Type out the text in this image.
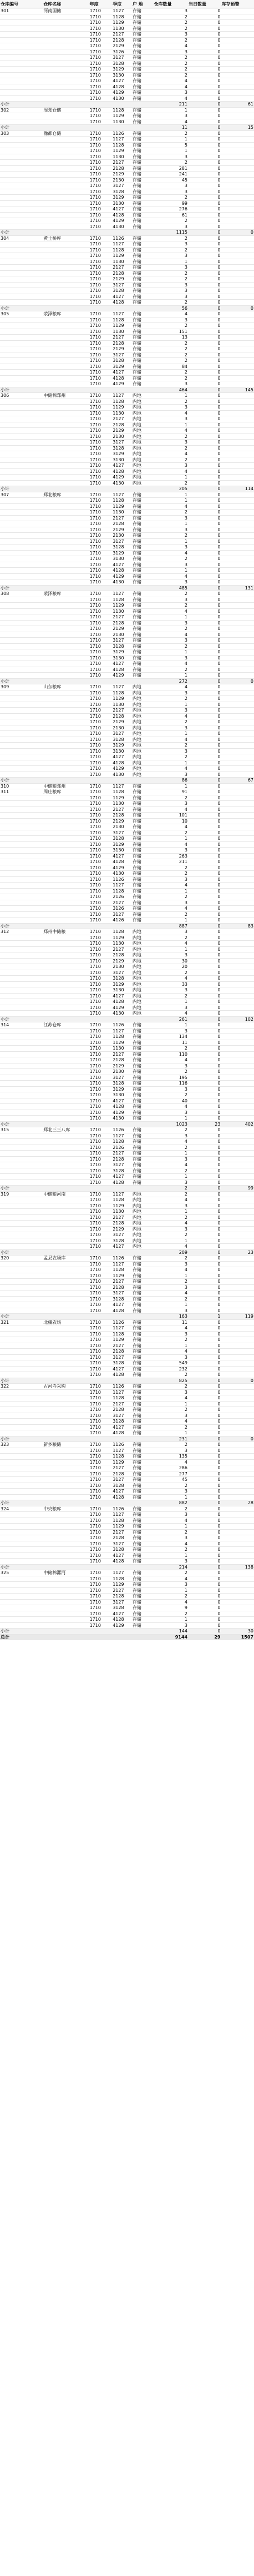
仓库编号		仓库名称	年度	季度	户 地	仓库数量	当日数量	库存预警
301		河南国储	1710	1127	存储	3	0	
			1710	1128	存储	2	0	
			1710	1129	存储	2	0	
			1710	1130	存储	2	0	
			1710	2127	存储	3	0	
			1710	2128	存储	2	0	
			1710	2129	存储	4	0	
			1710	3126	存储	3	0	
			1710	3127	存储	2	0	
			1710	3128	存储	2	0	
			1710	3129	存储	2	0	
			1710	3130	存储	2	0	
			1710	4127	存储	4	0	
			1710	4128	存储	4	0	
			1710	4129	存储	3	0	
			1710	4130	存储	4	0	
小计						211	0	61
302		周郑仓储	1710	1128	存储	1	0	
			1710	1129	存储	3	0	
			1710	1130	存储	4	0	
小计						11	0	15
303		豫都仓储	1710	1126	存储	2	0	
			1710	1127	存储	1	0	
			1710	1128	存储	5	0	
			1710	1129	存储	1	0	
			1710	1130	存储	3	0	
			1710	2127	存储	2	0	
			1710	2128	存储	281	0	
			1710	2129	存储	241	0	
			1710	2130	存储	45	0	
			1710	3127	存储	3	0	
			1710	3128	存储	3	0	
			1710	3129	存储	2	0	
			1710	3130	存储	99	0	
			1710	4127	存储	276	0	
			1710	4128	存储	61	0	
			1710	4129	存储	2	0	
			1710	4130	存储	3	0	
小计						1115	0	0
304		黄土桥库	1710	1126	存储	2	0	
			1710	1127	存储	3	0	
			1710	1128	存储	2	0	
			1710	1129	存储	3	0	
			1710	1130	存储	1	0	
			1710	2127	存储	3	0	
			1710	2128	存储	2	0	
			1710	2129	存储	2	0	
			1710	3127	存储	3	0	
			1710	3128	存储	3	0	
			1710	4127	存储	3	0	
			1710	4128	存储	2	0	
小计						56	0	0
305		荥泽粮库	1710	1127	存储	4	0	
			1710	1128	存储	3	0	
			1710	1129	存储	2	0	
			1710	1130	存储	151	0	
			1710	2127	存储	13	0	
			1710	2128	存储	2	0	
			1710	2129	存储	2	0	
			1710	3127	存储	2	0	
			1710	3128	存储	2	0	
			1710	3129	存储	84	0	
			1710	4127	存储	2	0	
			1710	4128	存储	2	0	
			1710	4129	存储	3	0	
小计						464	0	145
306		中储棉郑州	1710	1127	内地	1	0	
			1710	1128	内地	2	0	
			1710	1129	内地	3	0	
			1710	1130	内地	4	0	
			1710	2127	内地	3	0	
			1710	2128	内地	1	0	
			1710	2129	内地	4	0	
			1710	2130	内地	2	0	
			1710	3127	内地	3	0	
			1710	3128	内地	2	0	
			1710	3129	内地	4	0	
			1710	3130	内地	2	0	
			1710	4127	内地	3	0	
			1710	4128	内地	4	0	
			1710	4129	内地	1	0	
			1710	4130	内地	2	0	
小计						205	0	114
307		郑北粮库	1710	1127	存储	1	0	
			1710	1128	存储	1	0	
			1710	1129	存储	4	0	
			1710	1130	存储	2	0	
			1710	2127	存储	3	0	
			1710	2128	存储	1	0	
			1710	2129	存储	3	0	
			1710	2130	存储	2	0	
			1710	3127	存储	1	0	
			1710	3128	存储	3	0	
			1710	3129	存储	4	0	
			1710	3130	存储	2	0	
			1710	4127	存储	3	0	
			1710	4128	存储	1	0	
			1710	4129	存储	4	0	
			1710	4130	存储	3	0	
小计						485	0	131
308		荥泽粮库	1710	1127	存储	2	0	
			1710	1128	存储	3	0	
			1710	1129	存储	2	0	
			1710	1130	存储	4	0	
			1710	2127	存储	1	0	
			1710	2128	存储	3	0	
			1710	2129	存储	2	0	
			1710	2130	存储	4	0	
			1710	3127	存储	3	0	
			1710	3128	存储	2	0	
			1710	3129	存储	1	0	
			1710	3130	存储	3	0	
			1710	4127	存储	4	0	
			1710	4128	存储	2	0	
			1710	4129	存储	1	0	
小计						272	0	0
309		山东粮库	1710	1127	内地	4	0	
			1710	1128	内地	3	0	
			1710	1129	内地	2	0	
			1710	1130	内地	1	0	
			1710	2127	内地	3	0	
			1710	2128	内地	4	0	
			1710	2129	内地	2	0	
			1710	2130	内地	3	0	
			1710	3127	内地	1	0	
			1710	3128	内地	4	0	
			1710	3129	内地	2	0	
			1710	3130	内地	3	0	
			1710	4127	内地	2	0	
			1710	4128	内地	1	0	
			1710	4129	内地	4	0	
			1710	4130	内地	3	0	
小计						86	0	67
310		中储粮郑州	1710	1127	存储	1	0	
311		周庄粮库	1710	1128	存储	91	0	
			1710	1129	存储	2	0	
			1710	1130	存储	3	0	
			1710	2127	存储	4	0	
			1710	2128	存储	101	0	
			1710	2129	存储	10	0	
			1710	2130	存储	4	0	
			1710	3127	存储	2	0	
			1710	3128	存储	1	0	
			1710	3129	存储	4	0	
			1710	3130	存储	3	0	
			1710	4127	存储	263	0	
			1710	4128	存储	211	0	
			1710	4129	存储	2	0	
			1710	4130	存储	2	0	
			1710	1126	存储	3	0	
			1710	1127	存储	4	0	
			1710	1128	存储	1	0	
			1710	2126	存储	2	0	
			1710	2127	存储	3	0	
			1710	3126	存储	4	0	
			1710	3127	存储	2	0	
			1710	4126	存储	1	0	
小计						887	0	83
312		郑州中储粮	1710	1128	内地	3	0	
			1710	1129	内地	2	0	
			1710	1130	内地	4	0	
			1710	2127	内地	1	0	
			1710	2128	内地	3	0	
			1710	2129	内地	30	0	
			1710	2130	内地	20	0	
			1710	3127	内地	2	0	
			1710	3128	内地	4	0	
			1710	3129	内地	33	0	
			1710	3130	内地	3	0	
			1710	4127	内地	2	0	
			1710	4128	内地	1	0	
			1710	4129	内地	3	0	
			1710	4130	内地	4	0	
小计						261	0	102
314		江苏仓库	1710	1126	存储	1	0	
			1710	1127	存储	3	0	
			1710	1128	存储	134	0	
			1710	1129	存储	11	0	
			1710	1130	存储	2	0	
			1710	2127	存储	110	0	
			1710	2128	存储	4	0	
			1710	2129	存储	3	0	
			1710	2130	存储	2	0	
			1710	3127	存储	195	0	
			1710	3128	存储	116	0	
			1710	3129	存储	3	0	
			1710	3130	存储	2	0	
			1710	4127	存储	40	0	
			1710	4128	存储	4	0	
			1710	4129	存储	3	0	
			1710	4130	存储	1	0	
小计						1023	23	402
315		郑北三三八库	1710	1126	存储	2	0	
			1710	1127	存储	3	0	
			1710	1128	存储	4	0	
			1710	2126	存储	2	0	
			1710	2127	存储	1	0	
			1710	2128	存储	3	0	
			1710	3127	存储	4	0	
			1710	3128	存储	2	0	
			1710	4127	存储	1	0	
			1710	4128	存储	3	0	
小计						2	0	99
319		中储粮河南	1710	1127	内地	2	0	
			1710	1128	内地	4	0	
			1710	1129	内地	3	0	
			1710	1130	内地	1	0	
			1710	2127	内地	2	0	
			1710	2128	内地	4	0	
			1710	2129	内地	3	0	
			1710	3127	内地	2	0	
			1710	3128	内地	1	0	
			1710	4127	内地	4	0	
小计						209	0	23
320		孟县农场库	1710	1126	存储	2	0	
			1710	1127	存储	3	0	
			1710	1128	存储	4	0	
			1710	1129	存储	1	0	
			1710	2127	存储	2	0	
			1710	2128	存储	3	0	
			1710	3127	存储	4	0	
			1710	3128	存储	2	0	
			1710	4127	存储	1	0	
			1710	4128	存储	3	0	
小计						163	1	119
321		北疆农场	1710	1126	存储	11	0	
			1710	1127	存储	4	0	
			1710	1128	存储	3	0	
			1710	1129	存储	2	0	
			1710	2127	存储	1	0	
			1710	2128	存储	4	0	
			1710	3127	存储	3	0	
			1710	3128	存储	549	0	
			1710	4127	存储	232	0	
			1710	4128	存储	2	0	
小计						825	0	0
322		古河寺采购	1710	1126	存储	2	0	
			1710	1127	存储	3	0	
			1710	1128	存储	4	0	
			1710	2127	存储	1	0	
			1710	2128	存储	2	0	
			1710	3127	存储	3	0	
			1710	3128	存储	4	0	
			1710	4127	存储	2	0	
			1710	4128	存储	1	0	
小计						231	0	0
323		新乡粮储	1710	1126	存储	2	0	
			1710	1127	存储	3	0	
			1710	1128	存储	135	0	
			1710	1129	存储	4	0	
			1710	2127	存储	286	0	
			1710	2128	存储	277	0	
			1710	3127	存储	45	0	
			1710	3128	存储	2	0	
			1710	4127	存储	3	0	
			1710	4128	存储	1	0	
小计						882	0	28
324		中央粮库	1710	1126	存储	2	0	
			1710	1127	存储	3	0	
			1710	1128	存储	4	0	
			1710	1129	存储	1	0	
			1710	2127	存储	2	0	
			1710	2128	存储	3	0	
			1710	3127	存储	4	0	
			1710	3128	存储	2	0	
			1710	4127	存储	1	0	
			1710	4128	存储	3	0	
小计						214	0	138
325		中储棉漯河	1710	1127	存储	2	0	
			1710	1128	存储	4	0	
			1710	1129	存储	3	0	
			1710	2127	存储	1	0	
			1710	2128	存储	2	0	
			1710	3127	存储	4	0	
			1710	3128	存储	9	0	
			1710	4127	存储	2	0	
			1710	4128	存储	1	0	
			1710	4129	存储	3	0	
小计						144	0	30
总计						9144	29	1507
